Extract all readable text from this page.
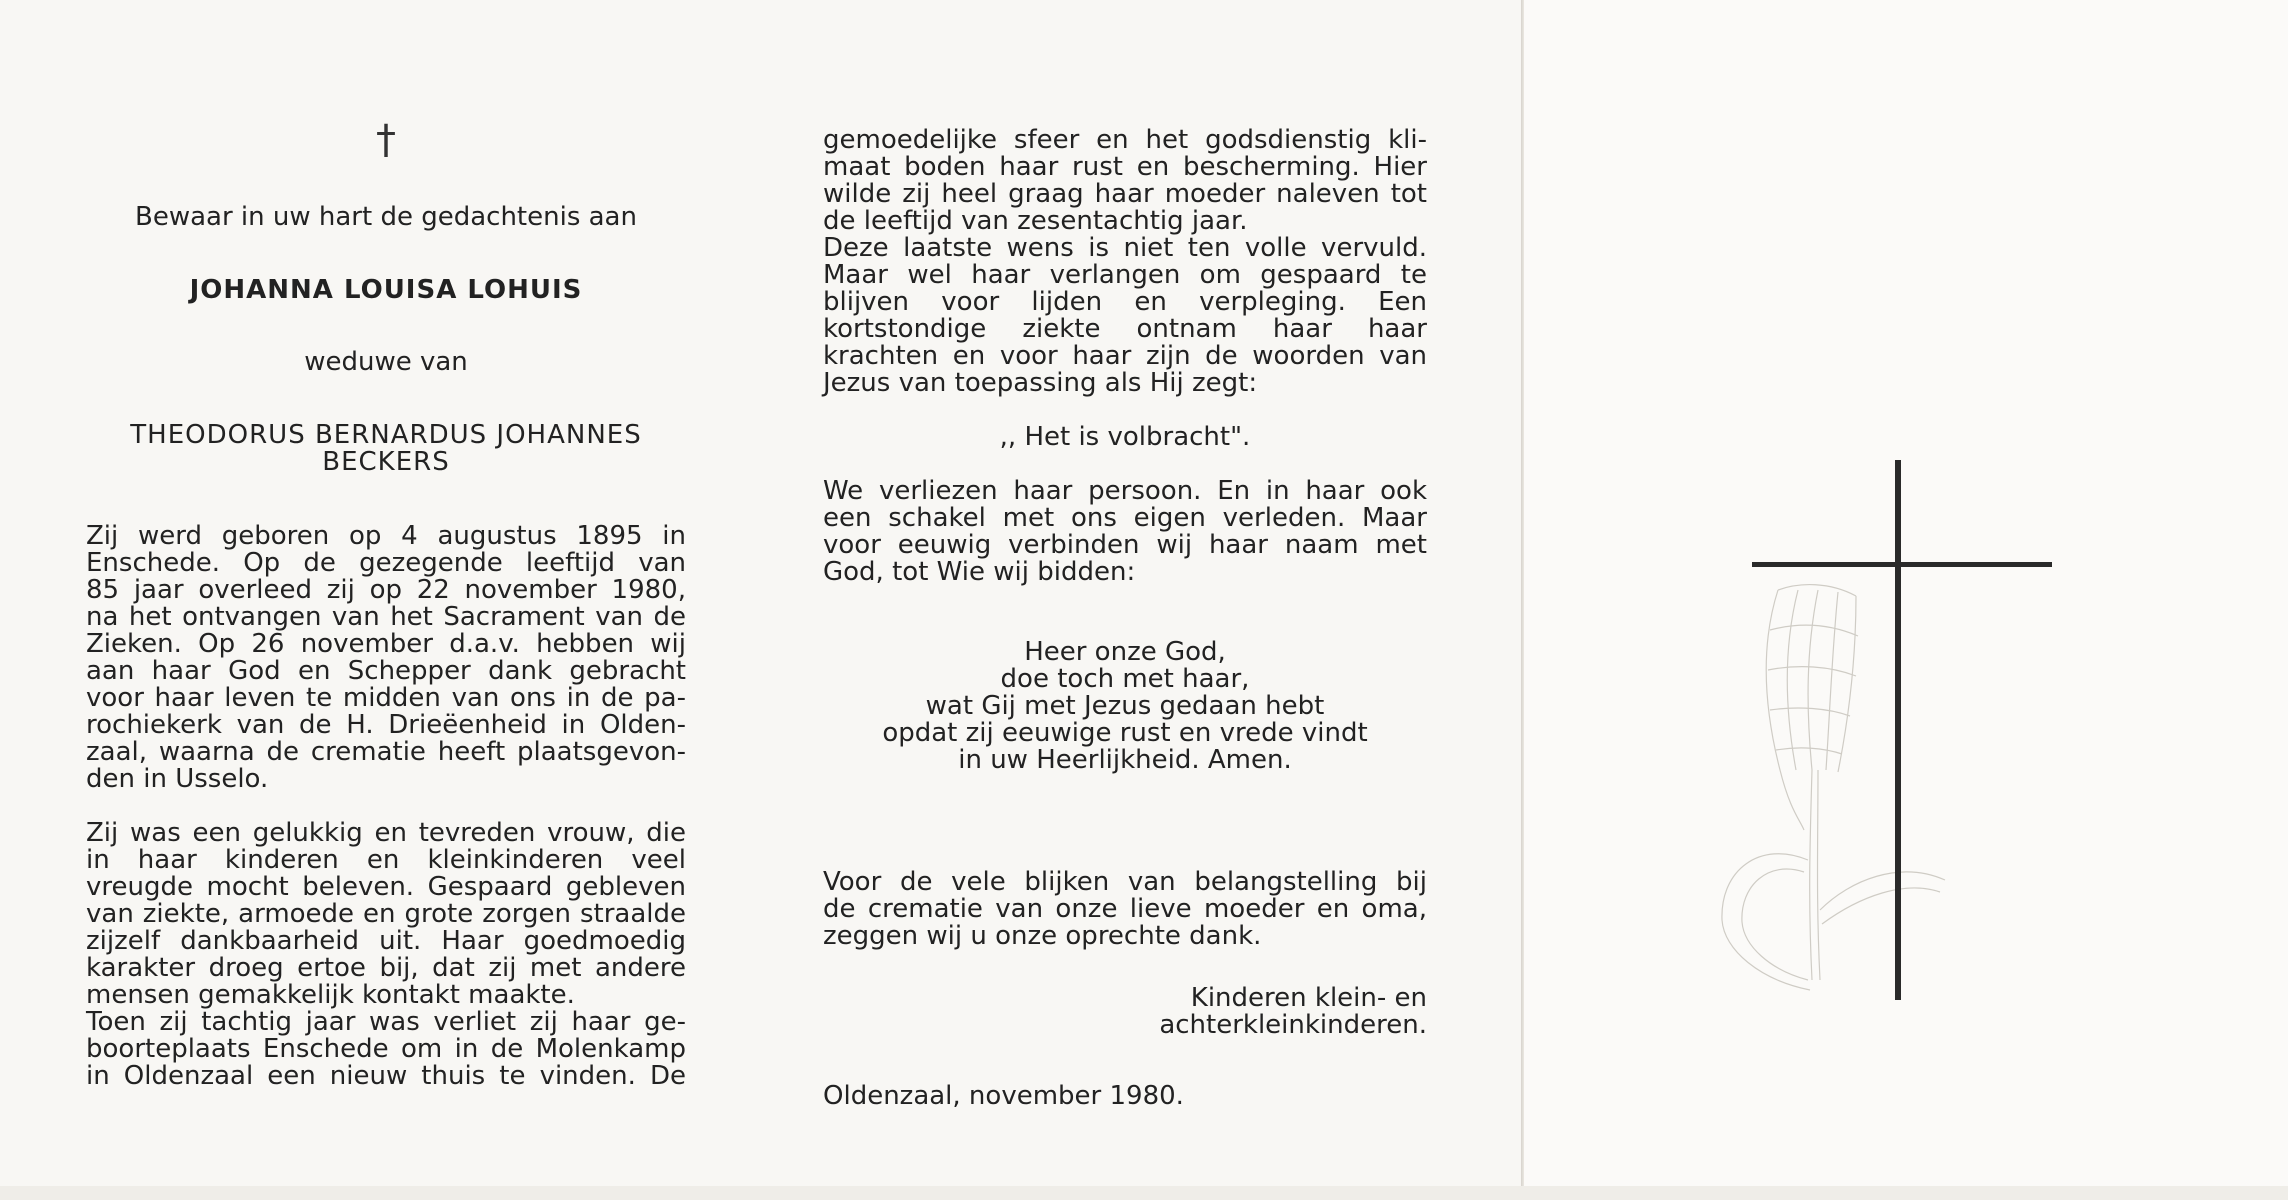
†
Bewaar in uw hart de gedachtenis aan
JOHANNA LOUISA LOHUIS
weduwe van
THEODORUS BERNARDUS JOHANNES
BECKERS
Zij werd geboren op 4 augustus 1895 in
Enschede. Op de gezegende leeftijd van
85 jaar overleed zij op 22 november 1980,
na het ontvangen van het Sacrament van de
Zieken. Op 26 november d.a.v. hebben wij
aan haar God en Schepper dank gebracht
voor haar leven te midden van ons in de pa-
rochiekerk van de H. Drieëenheid in Olden-
zaal, waarna de crematie heeft plaatsgevon-
den in Usselo.
Zij was een gelukkig en tevreden vrouw, die
in haar kinderen en kleinkinderen veel
vreugde mocht beleven. Gespaard gebleven
van ziekte, armoede en grote zorgen straalde
zijzelf dankbaarheid uit. Haar goedmoedig
karakter droeg ertoe bij, dat zij met andere
mensen gemakkelijk kontakt maakte.
Toen zij tachtig jaar was verliet zij haar ge-
boorteplaats Enschede om in de Molenkamp
in Oldenzaal een nieuw thuis te vinden. De
gemoedelijke sfeer en het godsdienstig kli-
maat boden haar rust en bescherming. Hier
wilde zij heel graag haar moeder naleven tot
de leeftijd van zesentachtig jaar.
Deze laatste wens is niet ten volle vervuld.
Maar wel haar verlangen om gespaard te
blijven voor lijden en verpleging. Een
kortstondige ziekte ontnam haar haar
krachten en voor haar zijn de woorden van
Jezus van toepassing als Hij zegt:
,, Het is volbracht".
We verliezen haar persoon. En in haar ook
een schakel met ons eigen verleden. Maar
voor eeuwig verbinden wij haar naam met
God, tot Wie wij bidden:
Heer onze God,
doe toch met haar,
wat Gij met Jezus gedaan hebt
opdat zij eeuwige rust en vrede vindt
in uw Heerlijkheid. Amen.
Voor de vele blijken van belangstelling bij
de crematie van onze lieve moeder en oma,
zeggen wij u onze oprechte dank.
Kinderen klein- en
achterkleinkinderen.
Oldenzaal, november 1980.
